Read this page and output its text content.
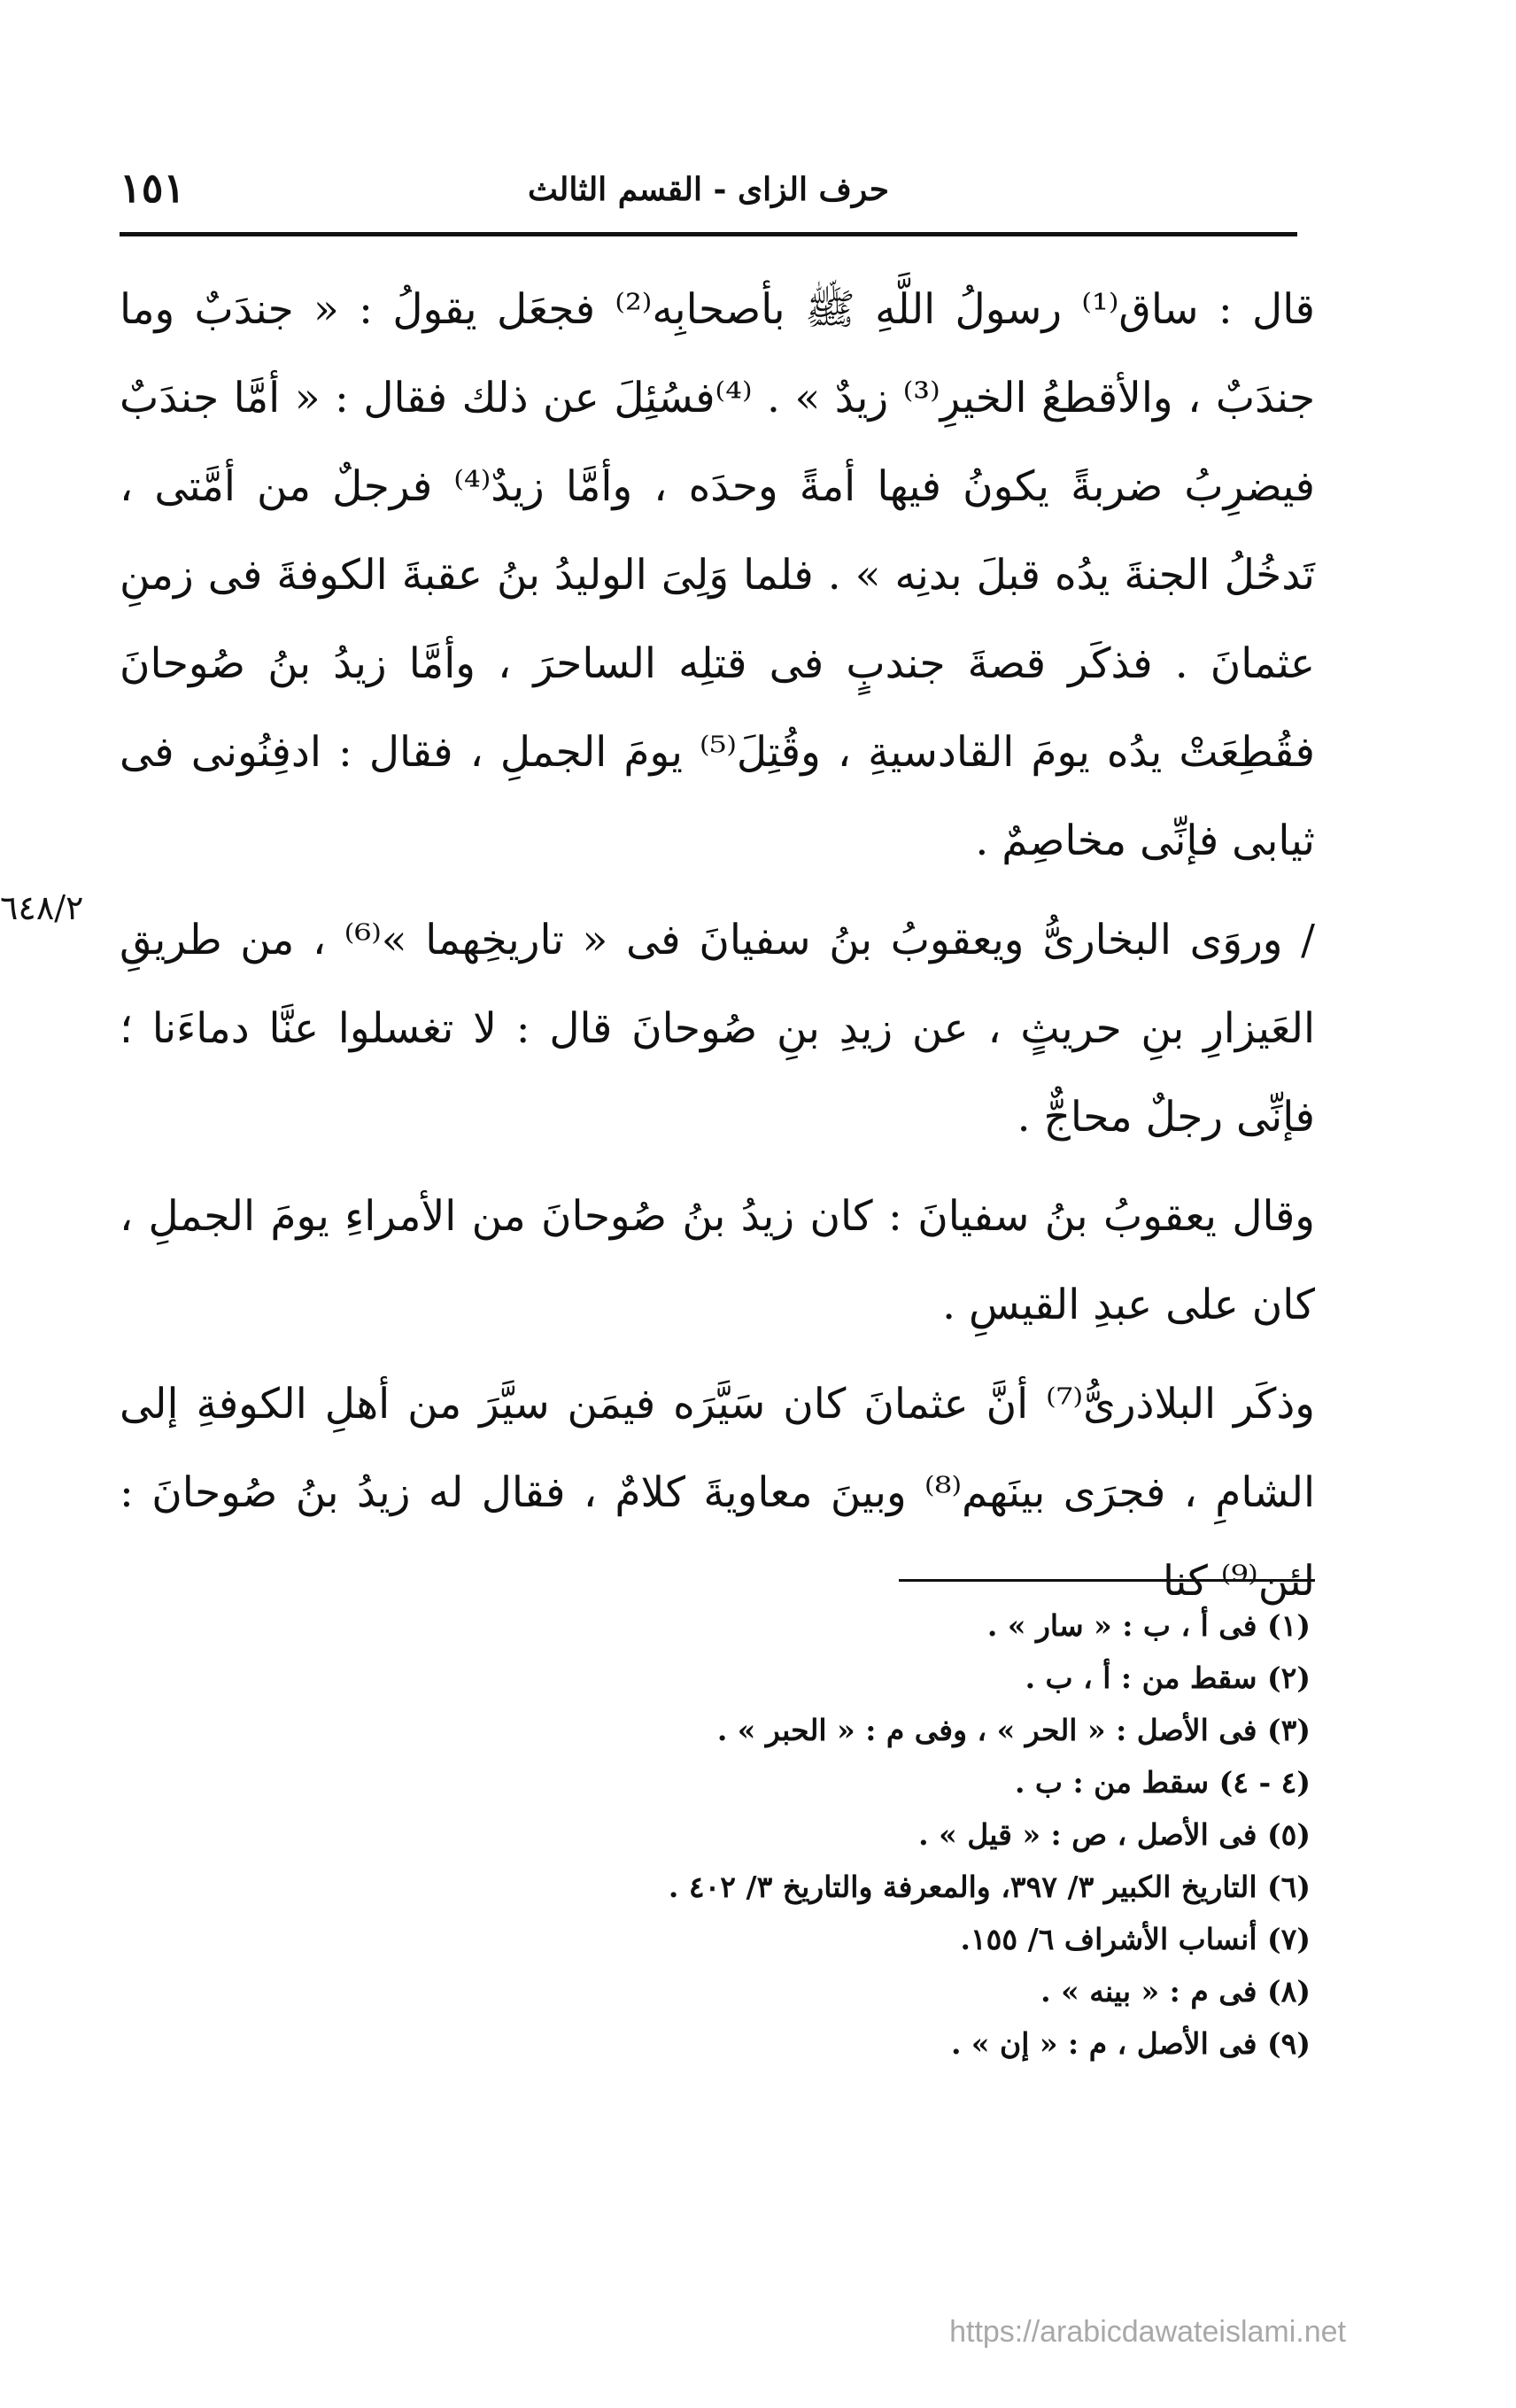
حرف الزاى - القسم الثالث
١٥١

قال : ساق⁽¹⁾ رسولُ اللَّهِ ﷺ بأصحابِه⁽²⁾ فجعَل يقولُ : « جندَبٌ وما جندَبٌ ، والأقطعُ الخيرِ⁽³⁾ زيدٌ » . ⁽⁴⁾فسُئِلَ عن ذلك فقال : « أمَّا جندَبٌ فيضرِبُ ضربةً يكونُ فيها أمةً وحدَه ، وأمَّا زيدٌ⁽⁴⁾ فرجلٌ من أمَّتى ، تَدخُلُ الجنةَ يدُه قبلَ بدنِه » . فلما وَلِىَ الوليدُ بنُ عقبةَ الكوفةَ فى زمنِ عثمانَ . فذكَر قصةَ جندبٍ فى قتلِه الساحرَ ، وأمَّا زيدُ بنُ صُوحانَ فقُطِعَتْ يدُه يومَ القادسيةِ ، وقُتِلَ⁽⁵⁾ يومَ الجملِ ، فقال : ادفِنُونى فى ثيابى فإنِّى مخاصِمٌ .

/ وروَى البخارىُّ ويعقوبُ بنُ سفيانَ فى « تاريخِهما »⁽⁶⁾ ، من طريقِ العَيزارِ بنِ حريثٍ ، عن زيدِ بنِ صُوحانَ قال : لا تغسلوا عنَّا دماءَنا ؛ فإنِّى رجلٌ محاجٌّ .

وقال يعقوبُ بنُ سفيانَ : كان زيدُ بنُ صُوحانَ من الأمراءِ يومَ الجملِ ، كان على عبدِ القيسِ .

وذكَر البلاذرىُّ⁽⁷⁾ أنَّ عثمانَ كان سَيَّرَه فيمَن سيَّرَ من أهلِ الكوفةِ إلى الشامِ ، فجرَى بينَهم⁽⁸⁾ وبينَ معاويةَ كلامٌ ، فقال له زيدُ بنُ صُوحانَ : لئن⁽⁹⁾ كنا

٦٤٨/٢
(١) فى أ ، ب : « سار » .
(٢) سقط من : أ ، ب .
(٣) فى الأصل : « الحر » ، وفى م : « الحبر » .
(٤ - ٤) سقط من : ب .
(٥) فى الأصل ، ص : « قيل » .
(٦) التاريخ الكبير ٣/ ٣٩٧، والمعرفة والتاريخ ٣/ ٤٠٢ .
(٧) أنساب الأشراف ٦/ ١٥٥.
(٨) فى م : « بينه » .
(٩) فى الأصل ، م : « إن » .
https://arabicdawateislami.net
